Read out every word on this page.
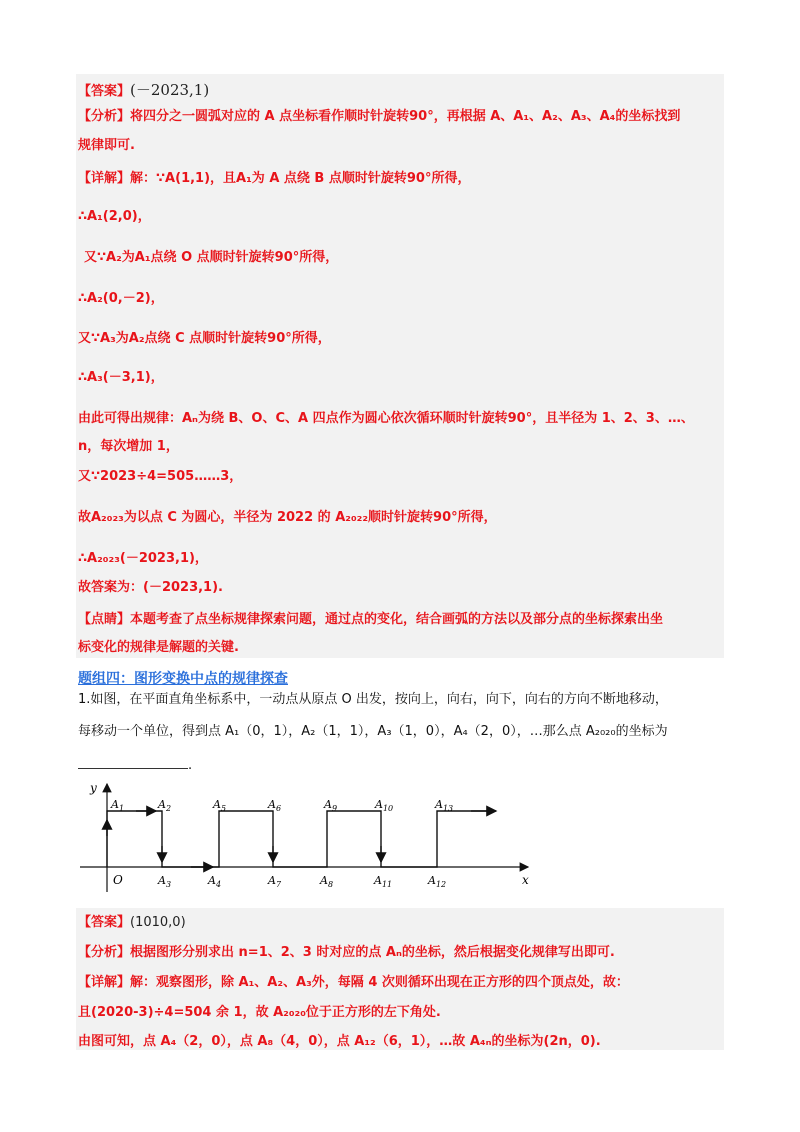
【答案】(－2023,1)
【分析】将四分之一圆弧对应的 A 点坐标看作顺时针旋转90°，再根据 A、A₁、A₂、A₃、A₄的坐标找到
规律即可.
【详解】解：∵A(1,1)，且A₁为 A 点绕 B 点顺时针旋转90°所得，
∴A₁(2,0)，
又∵A₂为A₁点绕 O 点顺时针旋转90°所得，
∴A₂(0,－2)，
又∵A₃为A₂点绕 C 点顺时针旋转90°所得，
∴A₃(－3,1)，
由此可得出规律：Aₙ为绕 B、O、C、A 四点作为圆心依次循环顺时针旋转90°，且半径为 1、2、3、…、
n，每次增加 1，
又∵2023÷4=505……3，
故A₂₀₂₃为以点 C 为圆心，半径为 2022 的 A₂₀₂₂顺时针旋转90°所得，
∴A₂₀₂₃(－2023,1)，
故答案为：(－2023,1).
【点睛】本题考查了点坐标规律探索问题，通过点的变化，结合画弧的方法以及部分点的坐标探索出坐
标变化的规律是解题的关键.
题组四：图形变换中点的规律探查
1.如图，在平面直角坐标系中，一动点从原点 O 出发，按向上，向右，向下，向右的方向不断地移动，
每移动一个单位，得到点 A₁（0，1），A₂（1，1），A₃（1，0），A₄（2，0），…那么点 A₂₀₂₀的坐标为
.
y
x
O
$A_1$	$A_2$
$A_3$	$A_4$
$A_5$	$A_6$
$A_7$	$A_8$
$A_9$	$A_{10}$
$A_{11}$	$A_{12}$
$A_{13}$
【答案】(1010,0)
【分析】根据图形分别求出 n=1、2、3 时对应的点 Aₙ的坐标，然后根据变化规律写出即可.
【详解】解：观察图形，除 A₁、A₂、A₃外，每隔 4 次则循环出现在正方形的四个顶点处，故：
且(2020-3)÷4=504 余 1，故 A₂₀₂₀位于正方形的左下角处.
由图可知，点 A₄（2，0），点 A₈（4，0），点 A₁₂（6，1），…故 A₄ₙ的坐标为(2n，0).
